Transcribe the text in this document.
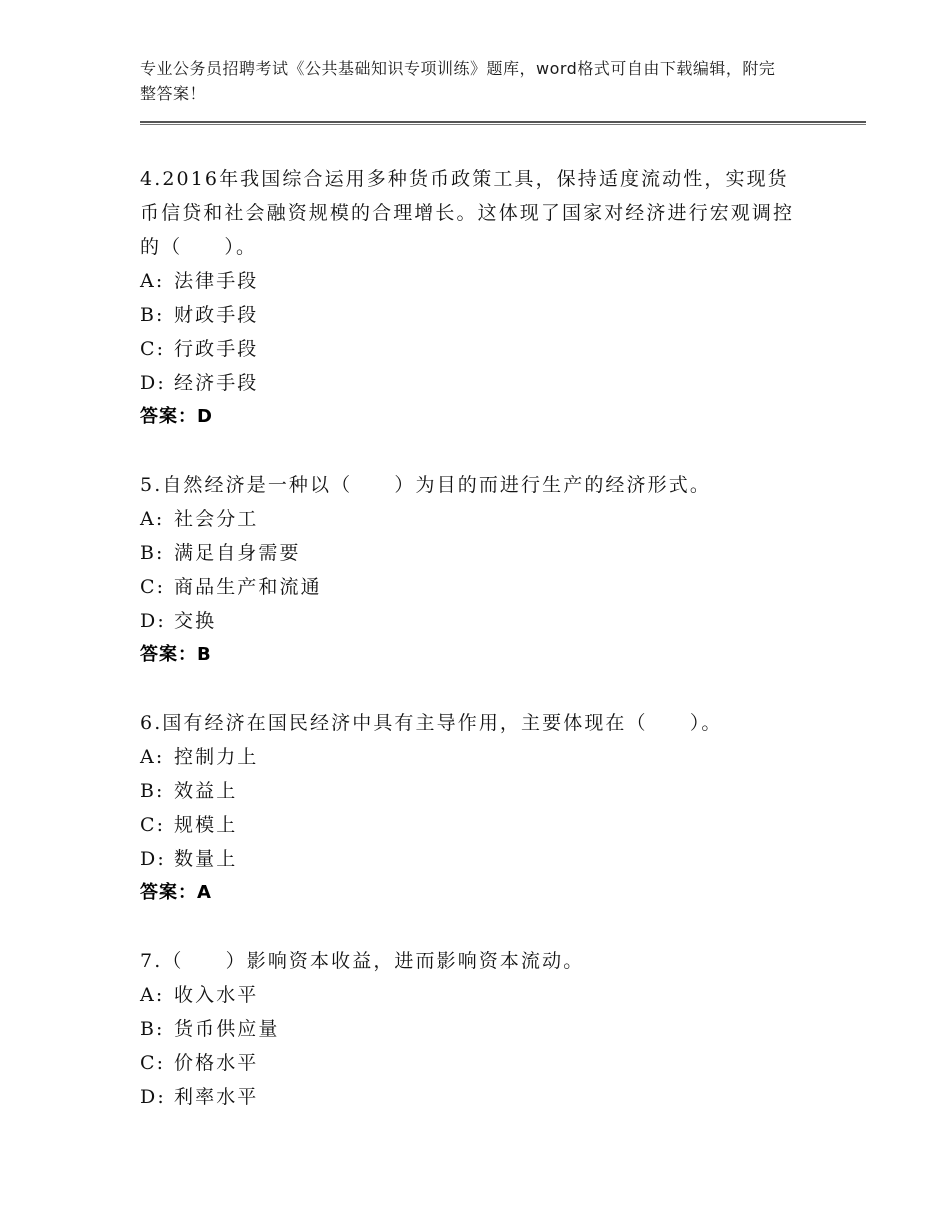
专业公务员招聘考试《公共基础知识专项训练》题库，word格式可自由下载编辑，附完整答案！

4.2016年我国综合运用多种货币政策工具，保持适度流动性，实现货币信贷和社会融资规模的合理增长。这体现了国家对经济进行宏观调控的（　　）。

A: 法律手段
B: 财政手段
C: 行政手段
D: 经济手段
答案：D

5.自然经济是一种以（　　）为目的而进行生产的经济形式。

A: 社会分工
B: 满足自身需要
C: 商品生产和流通
D: 交换
答案：B

6.国有经济在国民经济中具有主导作用，主要体现在（　　）。

A: 控制力上
B: 效益上
C: 规模上
D: 数量上
答案：A

7.（　　）影响资本收益，进而影响资本流动。

A: 收入水平
B: 货币供应量
C: 价格水平
D: 利率水平
